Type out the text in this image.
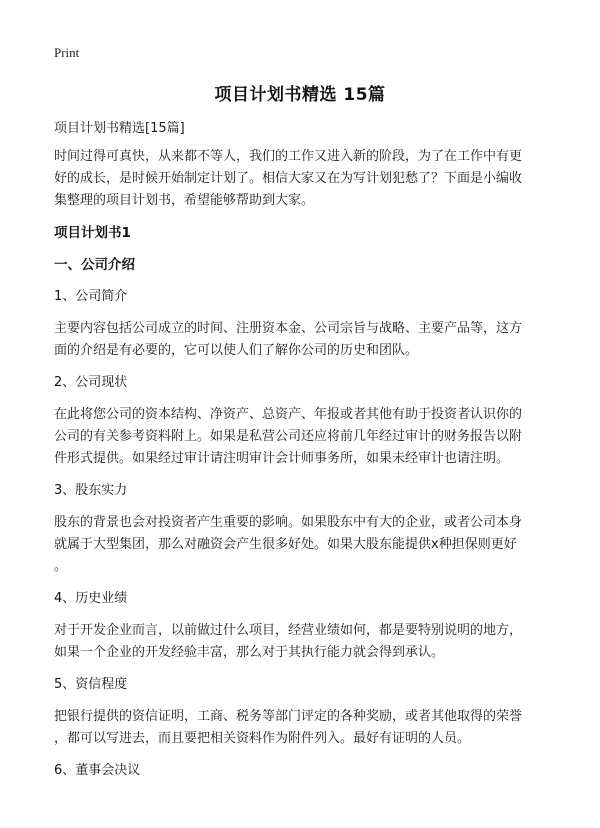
Print
项目计划书精选 15篇
项目计划书精选[15篇]
时间过得可真快，从来都不等人，我们的工作又进入新的阶段，为了在工作中有更
好的成长，是时候开始制定计划了。相信大家又在为写计划犯愁了？下面是小编收
集整理的项目计划书，希望能够帮助到大家。
项目计划书1
一、公司介绍
1、公司简介
主要内容包括公司成立的时间、注册资本金、公司宗旨与战略、主要产品等，这方
面的介绍是有必要的，它可以使人们了解你公司的历史和团队。
2、公司现状
在此将您公司的资本结构、净资产、总资产、年报或者其他有助于投资者认识你的
公司的有关参考资料附上。如果是私营公司还应将前几年经过审计的财务报告以附
件形式提供。如果经过审计请注明审计会计师事务所，如果未经审计也请注明。
3、股东实力
股东的背景也会对投资者产生重要的影响。如果股东中有大的企业，或者公司本身
就属于大型集团，那么对融资会产生很多好处。如果大股东能提供x种担保则更好
。
4、历史业绩
对于开发企业而言，以前做过什么项目，经营业绩如何，都是要特别说明的地方，
如果一个企业的开发经验丰富，那么对于其执行能力就会得到承认。
5、资信程度
把银行提供的资信证明，工商、税务等部门评定的各种奖励，或者其他取得的荣誉
，都可以写进去，而且要把相关资料作为附件列入。最好有证明的人员。
6、董事会决议
